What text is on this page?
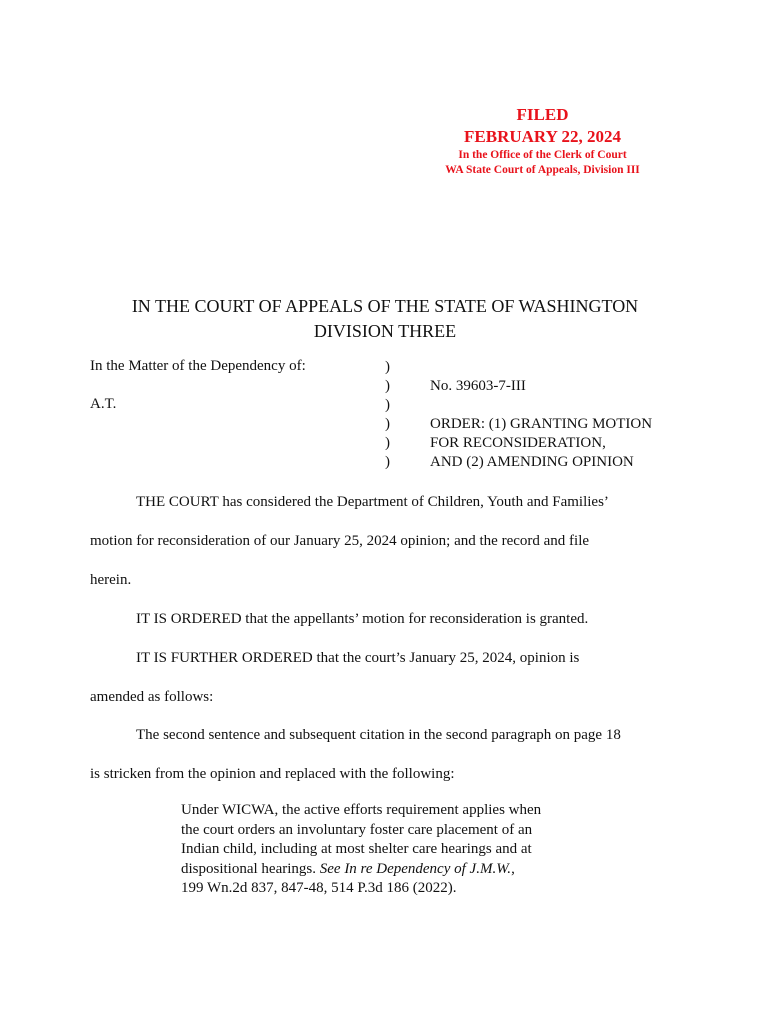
FILED
FEBRUARY 22, 2024
In the Office of the Clerk of Court
WA State Court of Appeals, Division III
IN THE COURT OF APPEALS OF THE STATE OF WASHINGTON
DIVISION THREE
In the Matter of the Dependency of:
A.T.
)
)
)
)
)
)
No. 39603-7-III
ORDER: (1) GRANTING MOTION
FOR RECONSIDERATION,
AND (2) AMENDING OPINION
THE COURT has considered the Department of Children, Youth and Families’
motion for reconsideration of our January 25, 2024 opinion; and the record and file
herein.
IT IS ORDERED that the appellants’ motion for reconsideration is granted.
IT IS FURTHER ORDERED that the court’s January 25, 2024, opinion is
amended as follows:
The second sentence and subsequent citation in the second paragraph on page 18
is stricken from the opinion and replaced with the following:
Under WICWA, the active efforts requirement applies when
the court orders an involuntary foster care placement of an
Indian child, including at most shelter care hearings and at
dispositional hearings. See In re Dependency of J.M.W.,
199 Wn.2d 837, 847-48, 514 P.3d 186 (2022).
